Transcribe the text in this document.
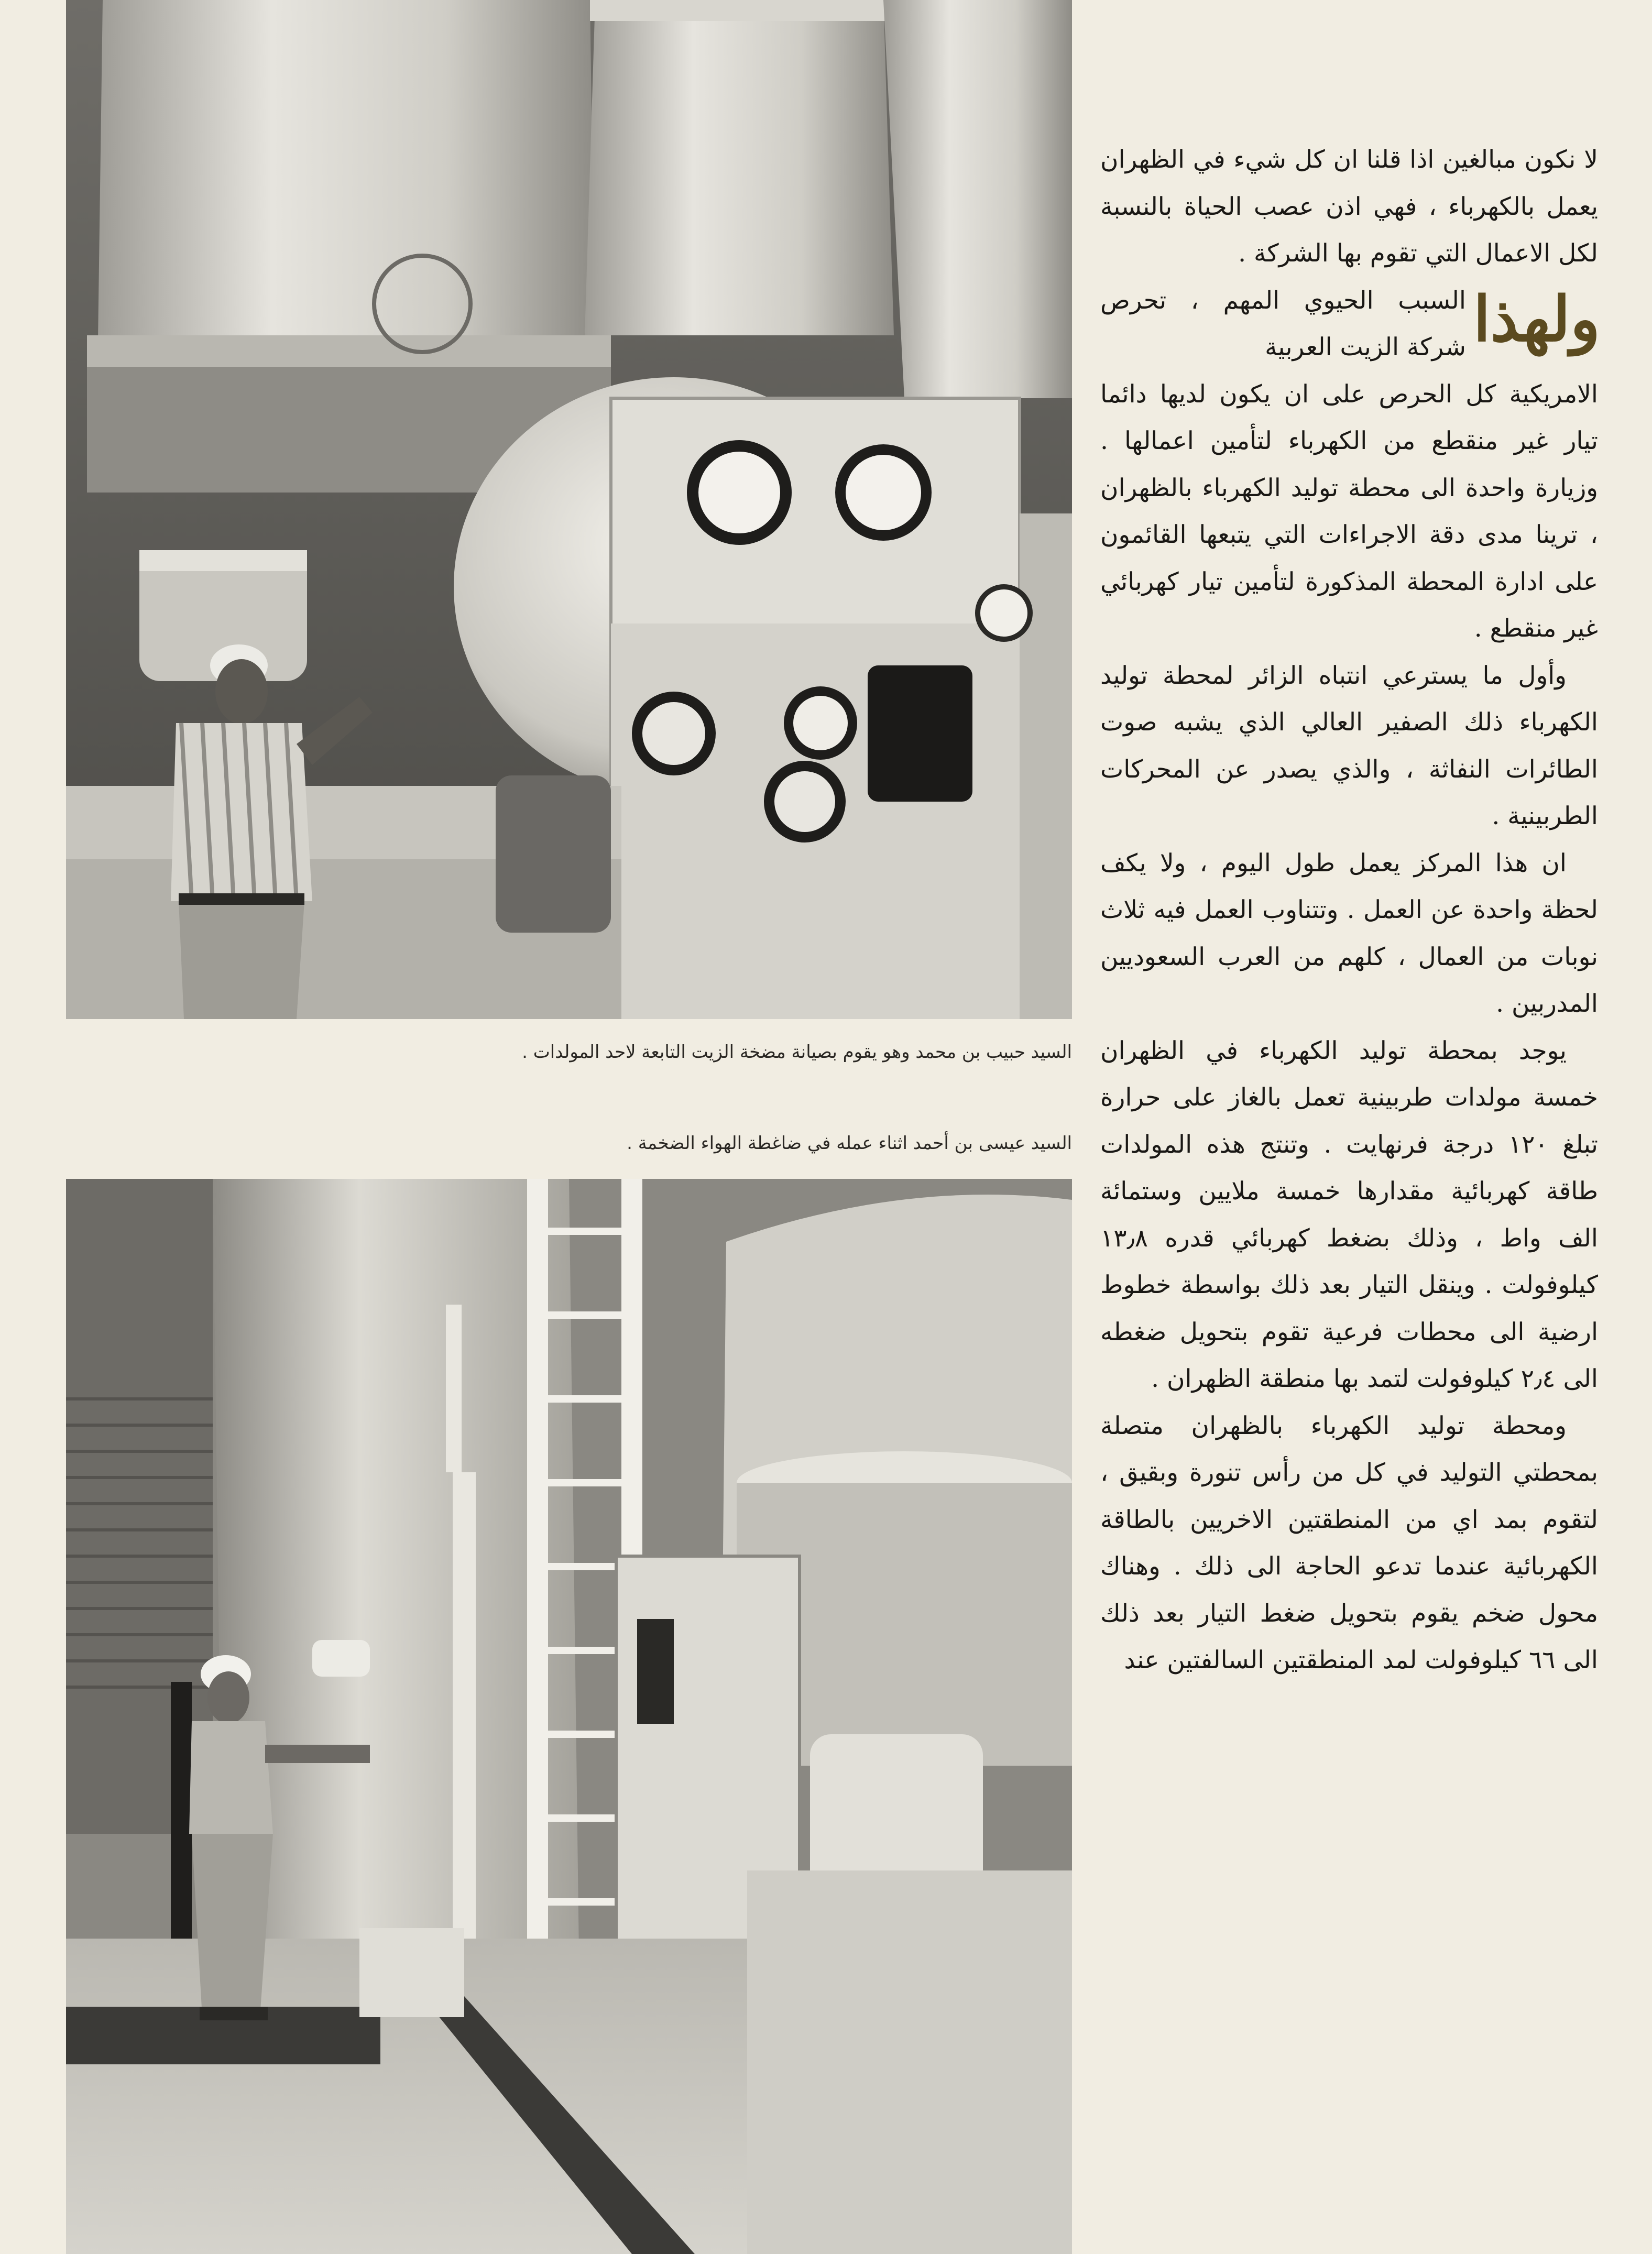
السيد حبيب بن محمد وهو يقوم بصيانة مضخة الزيت التابعة لاحد المولدات .
السيد عيسى بن أحمد اثناء عمله في ضاغطة الهواء الضخمة .

لا نكون مبالغين اذا قلنا ان كل شيء في الظهران يعمل بالكهرباء ، فهي اذن عصب الحياة بالنسبة لكل الاعمال التي تقوم بها الشركة .

ولهذا
السبب الحيوي المهم ، تحرص شركة الزيت العربية

الامريكية كل الحرص على ان يكون لديها دائما تيار غير منقطع من الكهرباء لتأمين اعمالها . وزيارة واحدة الى محطة توليد الكهرباء بالظهران ، ترينا مدى دقة الاجراءات التي يتبعها القائمون على ادارة المحطة المذكورة لتأمين تيار كهربائي غير منقطع .

وأول ما يسترعي انتباه الزائر لمحطة توليد الكهرباء ذلك الصفير العالي الذي يشبه صوت الطائرات النفاثة ، والذي يصدر عن المحركات الطربينية .

ان هذا المركز يعمل طول اليوم ، ولا يكف لحظة واحدة عن العمل . وتتناوب العمل فيه ثلاث نوبات من العمال ، كلهم من العرب السعوديين المدربين .

يوجد بمحطة توليد الكهرباء في الظهران خمسة مولدات طربينية تعمل بالغاز على حرارة تبلغ ١٢٠ درجة فرنهايت . وتنتج هذه المولدات طاقة كهربائية مقدارها خمسة ملايين وستمائة الف واط ، وذلك بضغط كهربائي قدره ١٣٫٨ كيلوفولت . وينقل التيار بعد ذلك بواسطة خطوط ارضية الى محطات فرعية تقوم بتحويل ضغطه الى ٢٫٤ كيلوفولت لتمد بها منطقة الظهران .

ومحطة توليد الكهرباء بالظهران متصلة بمحطتي التوليد في كل من رأس تنورة وبقيق ، لتقوم بمد اي من المنطقتين الاخريين بالطاقة الكهربائية عندما تدعو الحاجة الى ذلك . وهناك محول ضخم يقوم بتحويل ضغط التيار بعد ذلك الى ٦٦ كيلوفولت لمد المنطقتين السالفتين عند
